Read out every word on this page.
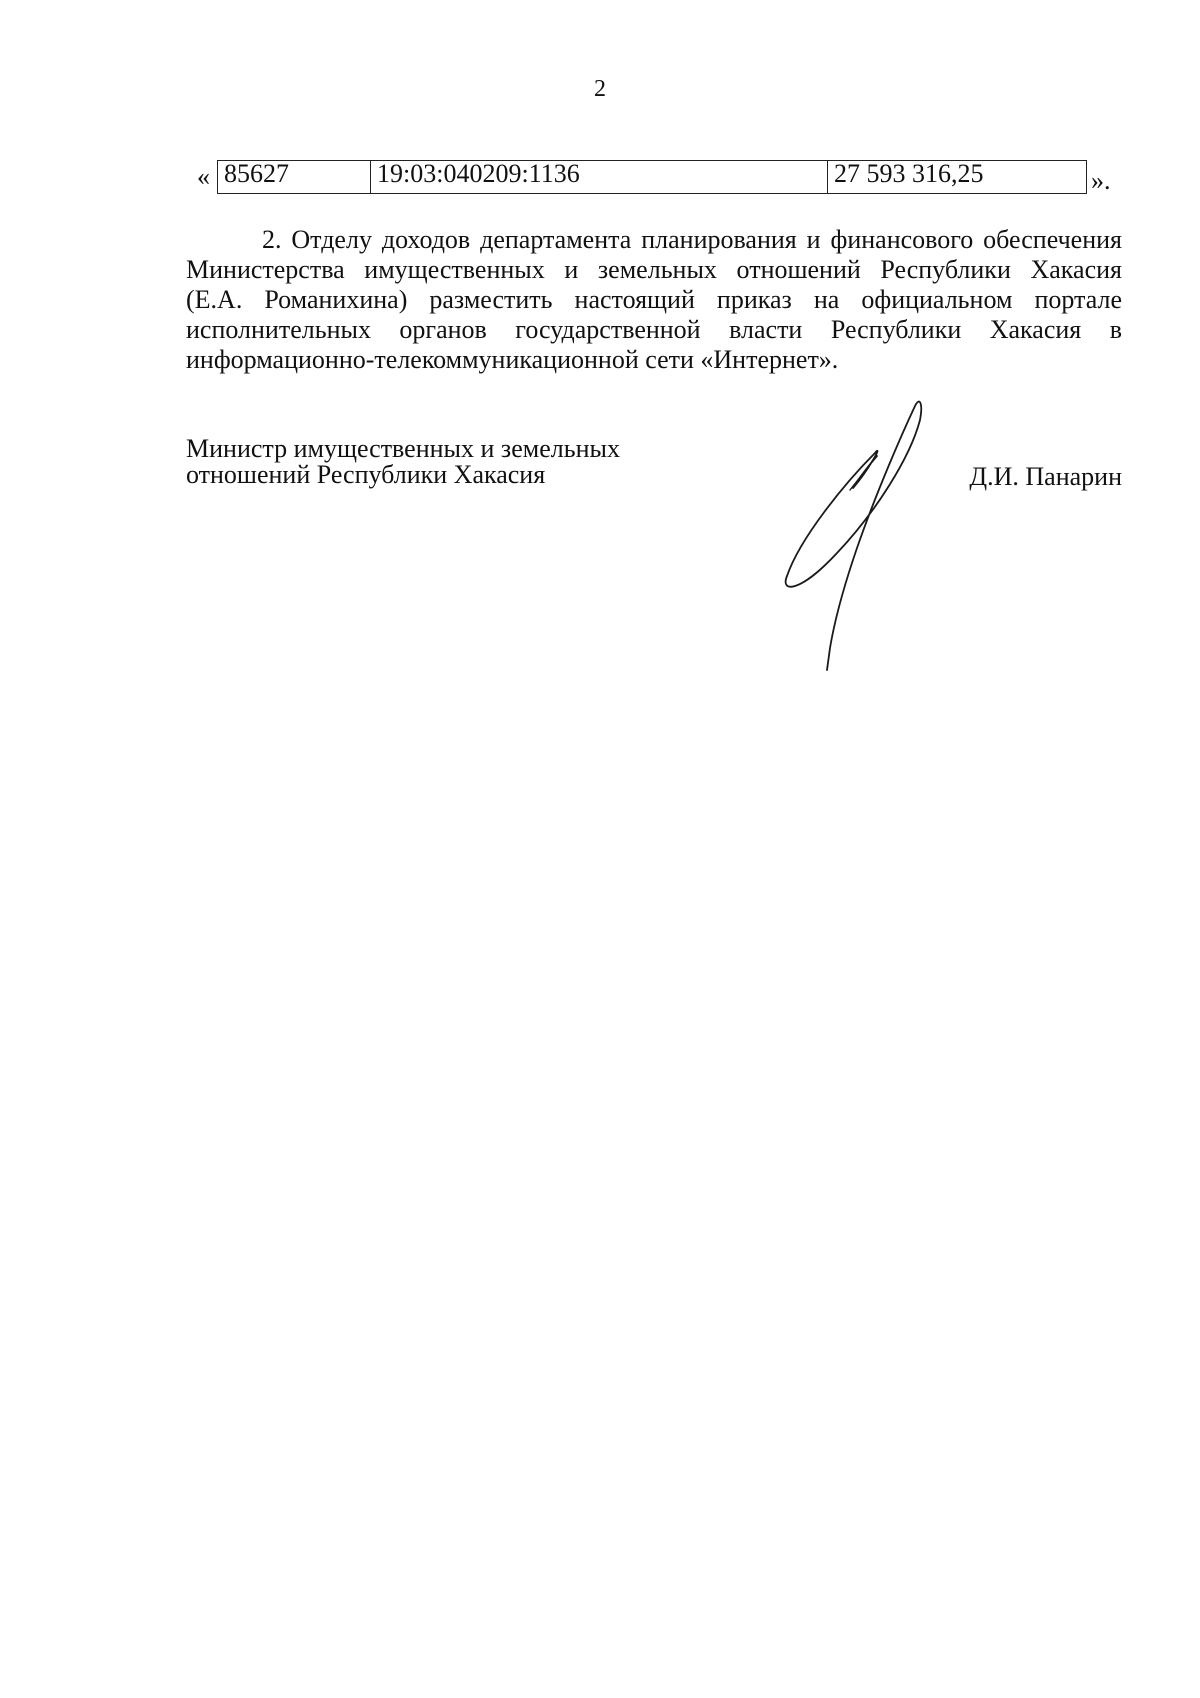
2
« 85627	19:03:040209:1136	27 593 316,25	».
2. Отделу доходов департамента планирования и финансового обеспечения
Министерства имущественных и земельных отношений Республики Хакасия
(Е.А. Романихина) разместить настоящий приказ на официальном портале
исполнительных органов государственной власти Республики Хакасия в
информационно-телекоммуникационной сети «Интернет».
Министр имущественных и земельных
отношений Республики Хакасия	Д.И. Панарин
